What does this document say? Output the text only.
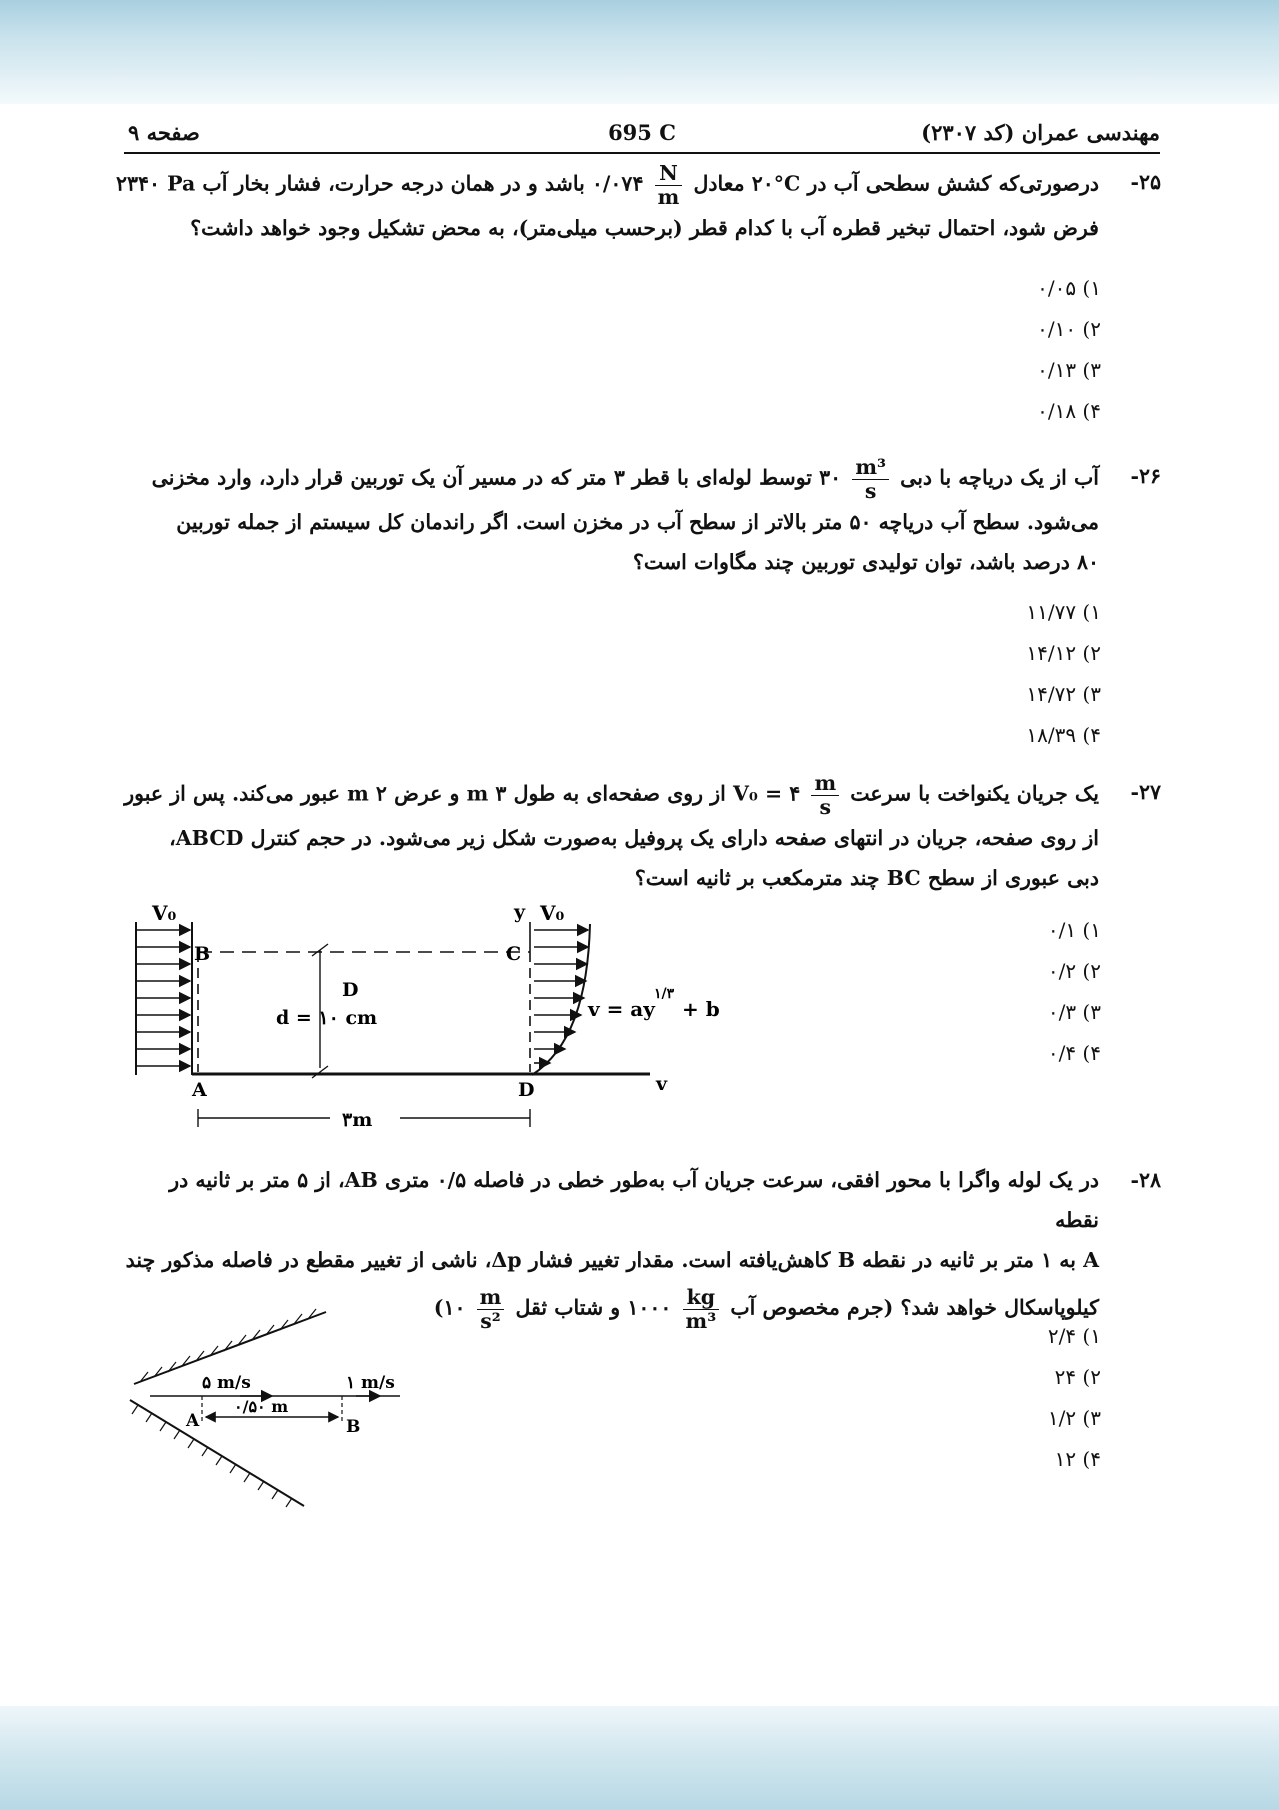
695 C	مهندسی عمران (کد ۲۳۰۷)
صفحه ۹
۲۵-
درصورتی‌که کشش سطحی آب در ۲۰°C معادل
$\frac{N}{m}$
۰/۰۷۴ باشد و در همان درجه حرارت، فشار بخار آب ۲۳۴۰ Pa
فرض شود، احتمال تبخیر قطره آب با کدام قطر (برحسب میلی‌متر)، به محض تشکیل وجود خواهد داشت؟
۱) ۰/۰۵
۲) ۰/۱۰
۳) ۰/۱۳
۴) ۰/۱۸
۲۶-
آب از یک دریاچه با دبی
$\frac{\text{m³}}{s}$
۳۰ توسط لوله‌ای با قطر ۳ متر که در مسیر آن یک توربین قرار دارد، وارد مخزنی
می‌شود. سطح آب دریاچه ۵۰ متر بالاتر از سطح آب در مخزن است. اگر راندمان کل سیستم از جمله توربین
۸۰ درصد باشد، توان تولیدی توربین چند مگاوات است؟
۱) ۱۱/۷۷
۲) ۱۴/۱۲
۳) ۱۴/۷۲
۴) ۱۸/۳۹
۲۷-
یک جریان یکنواخت با سرعت
$\frac{m}{s}$
V₀ = ۴ از روی صفحه‌ای به طول ۳ m و عرض ۲ m عبور می‌کند. پس از عبور
از روی صفحه، جریان در انتهای صفحه دارای یک پروفیل به‌صورت شکل زیر می‌شود. در حجم کنترل ABCD،
دبی عبوری از سطح BC چند مترمکعب بر ثانیه است؟
۱) ۰/۱
۲) ۰/۲
۳) ۰/۳
۴) ۰/۴
V₀
B	C
y V₀
D
d = ۱۰ cm
A	D	v
v = ay
۱/۳
+ b
۳m
۲۸-
در یک لوله واگرا با محور افقی، سرعت جریان آب به‌طور خطی در فاصله ۰/۵ متری AB، از ۵ متر بر ثانیه در نقطه
A به ۱ متر بر ثانیه در نقطه B کاهش‌یافته است. مقدار تغییر فشار Δp، ناشی از تغییر مقطع در فاصله مذکور چند
کیلوپاسکال خواهد شد؟ (جرم مخصوص آب
$\frac{kg}{\text{m³}}$
۱۰۰۰ و شتاب ثقل
$\frac{m}{\text{s²}}$
۱۰)
۱) ۲/۴
۲) ۲۴
۳) ۱/۲
۴) ۱۲
۵ m/s	۱ m/s
۰/۵۰ m
A	B
